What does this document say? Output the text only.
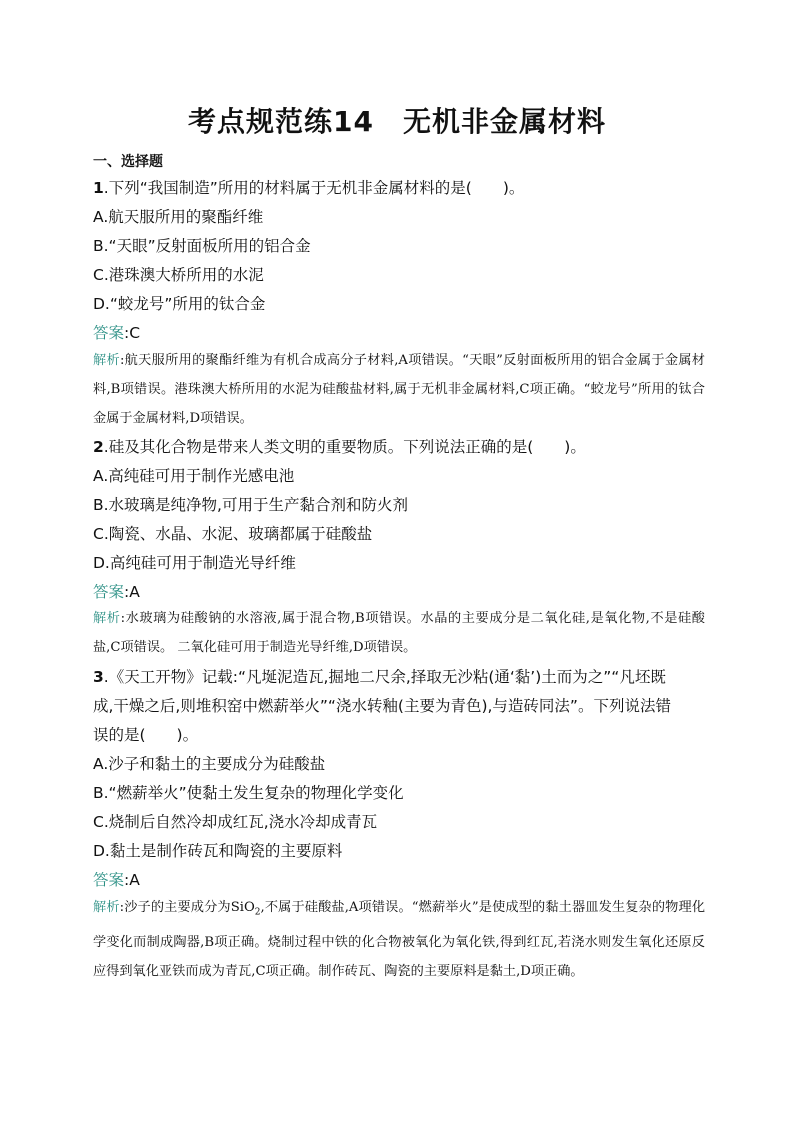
考点规范练14　无机非金属材料
一、选择题
1.下列“我国制造”所用的材料属于无机非金属材料的是(　　)。
A.航天服所用的聚酯纤维
B.“天眼”反射面板所用的铝合金
C.港珠澳大桥所用的水泥
D.“蛟龙号”所用的钛合金
答案:C
解析:航天服所用的聚酯纤维为有机合成高分子材料,A项错误。“天眼”反射面板所用的铝合金属于金属材料,B项错误。港珠澳大桥所用的水泥为硅酸盐材料,属于无机非金属材料,C项正确。“蛟龙号”所用的钛合金属于金属材料,D项错误。
2.硅及其化合物是带来人类文明的重要物质。下列说法正确的是(　　)。
A.高纯硅可用于制作光感电池
B.水玻璃是纯净物,可用于生产黏合剂和防火剂
C.陶瓷、水晶、水泥、玻璃都属于硅酸盐
D.高纯硅可用于制造光导纤维
答案:A
解析:水玻璃为硅酸钠的水溶液,属于混合物,B项错误。水晶的主要成分是二氧化硅,是氧化物,不是硅酸盐,C项错误。 二氧化硅可用于制造光导纤维,D项错误。
3.《天工开物》记载:“凡埏泥造瓦,掘地二尺余,择取无沙粘(通‘黏’)土而为之”“凡坯既
成,干燥之后,则堆积窑中燃薪举火”“浇水转釉(主要为青色),与造砖同法”。下列说法错
误的是(　　)。
A.沙子和黏土的主要成分为硅酸盐
B.“燃薪举火”使黏土发生复杂的物理化学变化
C.烧制后自然冷却成红瓦,浇水冷却成青瓦
D.黏土是制作砖瓦和陶瓷的主要原料
答案:A
解析:沙子的主要成分为SiO$_2$,不属于硅酸盐,A项错误。“燃薪举火”是使成型的黏土器皿发生复杂的物理化学变化而制成陶器,B项正确。烧制过程中铁的化合物被氧化为氧化铁,得到红瓦,若浇水则发生氧化还原反应得到氧化亚铁而成为青瓦,C项正确。制作砖瓦、陶瓷的主要原料是黏土,D项正确。
